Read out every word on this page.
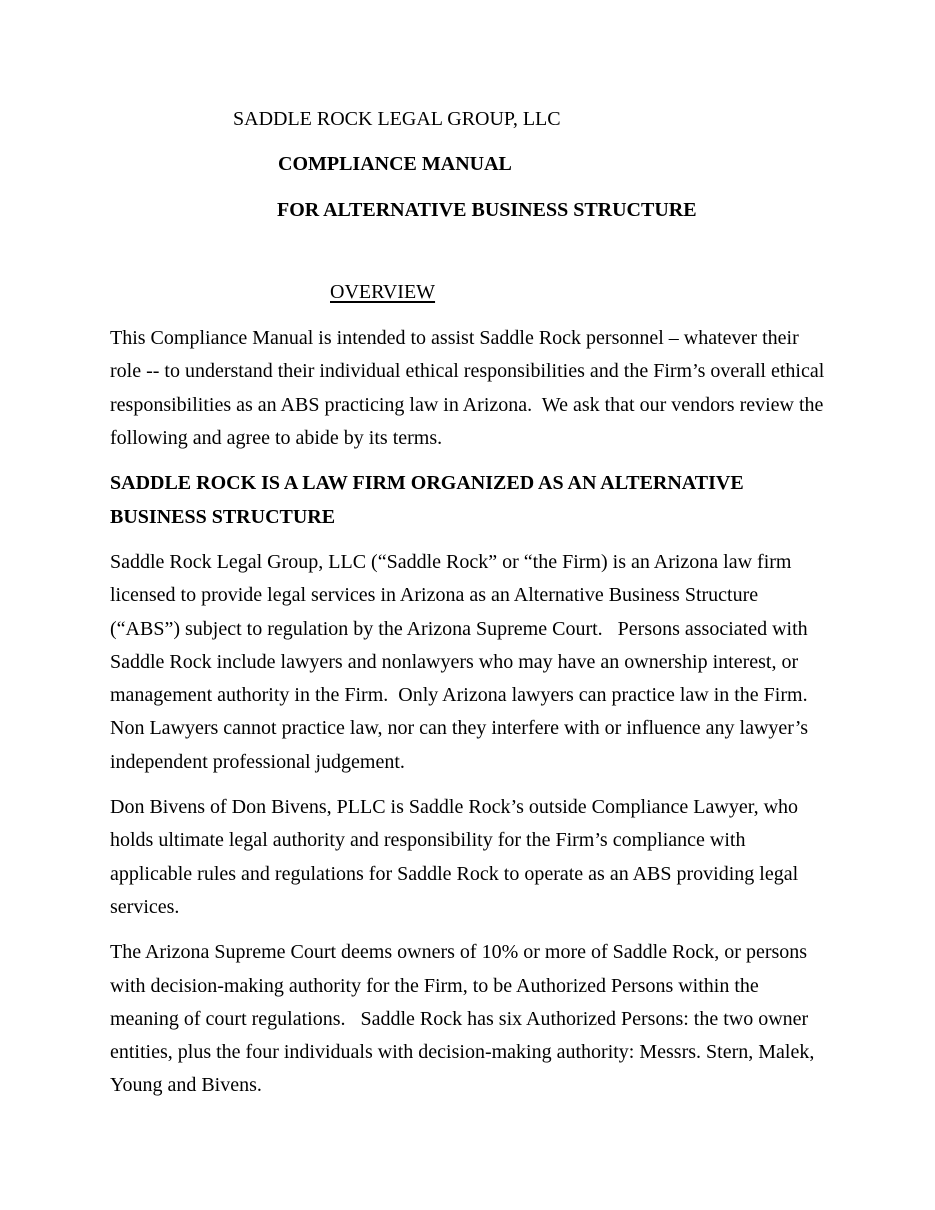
SADDLE ROCK LEGAL GROUP, LLC
COMPLIANCE MANUAL
FOR ALTERNATIVE BUSINESS STRUCTURE
OVERVIEW

This Compliance Manual is intended to assist Saddle Rock personnel – whatever their role -- to understand their individual ethical responsibilities and the Firm’s overall ethical responsibilities as an ABS practicing law in Arizona.  We ask that our vendors review the following and agree to abide by its terms.

SADDLE ROCK IS A LAW FIRM ORGANIZED AS AN ALTERNATIVE BUSINESS STRUCTURE

Saddle Rock Legal Group, LLC (“Saddle Rock” or “the Firm) is an Arizona law firm licensed to provide legal services in Arizona as an Alternative Business Structure (“ABS”) subject to regulation by the Arizona Supreme Court.   Persons associated with Saddle Rock include lawyers and nonlawyers who may have an ownership interest, or management authority in the Firm.  Only Arizona lawyers can practice law in the Firm. Non Lawyers cannot practice law, nor can they interfere with or influence any lawyer’s independent professional judgement.

Don Bivens of Don Bivens, PLLC is Saddle Rock’s outside Compliance Lawyer, who holds ultimate legal authority and responsibility for the Firm’s compliance with applicable rules and regulations for Saddle Rock to operate as an ABS providing legal services.

The Arizona Supreme Court deems owners of 10% or more of Saddle Rock, or persons with decision-making authority for the Firm, to be Authorized Persons within the meaning of court regulations.   Saddle Rock has six Authorized Persons: the two owner entities, plus the four individuals with decision-making authority: Messrs. Stern, Malek, Young and Bivens.
